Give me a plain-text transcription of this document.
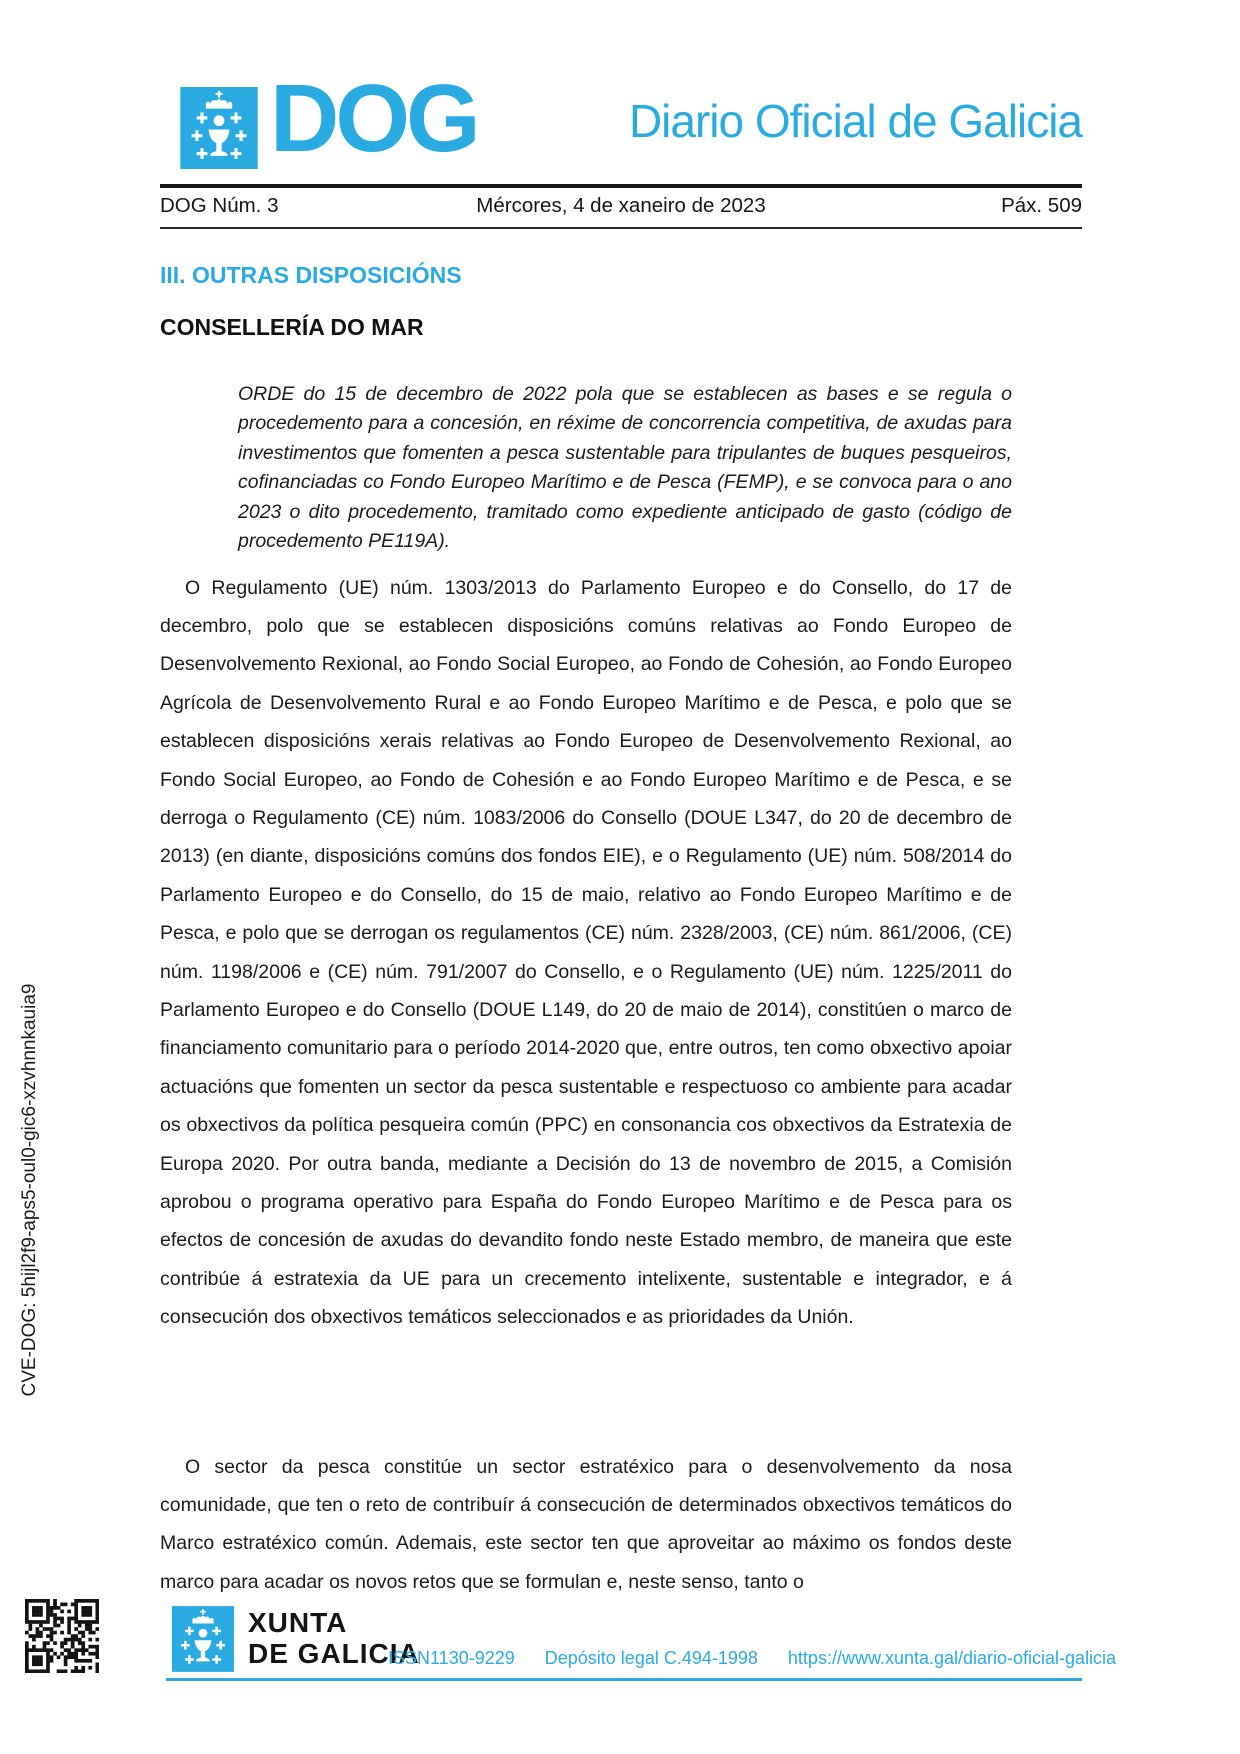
CVE-DOG: 5hijl2f9-aps5-oul0-gic6-xzvhnnkauia9
DOG	Diario Oficial de Galicia
DOG Núm. 3	Mércores, 4 de xaneiro de 2023	Páx. 509
III. OUTRAS DISPOSICIÓNS
CONSELLERÍA DO MAR

ORDE do 15 de decembro de 2022 pola que se establecen as bases e se regula o procedemento para a concesión, en réxime de concorrencia competitiva, de axudas para investimentos que fomenten a pesca sustentable para tripulantes de buques pesqueiros, cofinanciadas co Fondo Europeo Marítimo e de Pesca (FEMP), e se convoca para o ano 2023 o dito procedemento, tramitado como expediente anticipado de gasto (código de procedemento PE119A).

O Regulamento (UE) núm. 1303/2013 do Parlamento Europeo e do Consello, do 17 de decembro, polo que se establecen disposicións comúns relativas ao Fondo Europeo de Desenvolvemento Rexional, ao Fondo Social Europeo, ao Fondo de Cohesión, ao Fondo Europeo Agrícola de Desenvolvemento Rural e ao Fondo Europeo Marítimo e de Pesca, e polo que se establecen disposicións xerais relativas ao Fondo Europeo de Desenvolvemento Rexional, ao Fondo Social Europeo, ao Fondo de Cohesión e ao Fondo Europeo Marítimo e de Pesca, e se derroga o Regulamento (CE) núm. 1083/2006 do Consello (DOUE L347, do 20 de decembro de 2013) (en diante, disposicións comúns dos fondos EIE), e o Regulamento (UE) núm. 508/2014 do Parlamento Europeo e do Consello, do 15 de maio, relativo ao Fondo Europeo Marítimo e de Pesca, e polo que se derrogan os regulamentos (CE) núm. 2328/2003, (CE) núm. 861/2006, (CE) núm. 1198/2006 e (CE) núm. 791/2007 do Consello, e o Regulamento (UE) núm. 1225/2011 do Parlamento Europeo e do Consello (DOUE L149, do 20 de maio de 2014), constitúen o marco de financiamento comunitario para o período 2014-2020 que, entre outros, ten como obxectivo apoiar actuacións que fomenten un sector da pesca sustentable e respectuoso co ambiente para acadar os obxectivos da política pesqueira común (PPC) en consonancia cos obxectivos da Estratexia de Europa 2020. Por outra banda, mediante a Decisión do 13 de novembro de 2015, a Comisión aprobou o programa operativo para España do Fondo Europeo Marítimo e de Pesca para os efectos de concesión de axudas do devandito fondo neste Estado membro, de maneira que este contribúe á estratexia da UE para un crecemento intelixente, sustentable e integrador, e á consecución dos obxectivos temáticos seleccionados e as prioridades da Unión.

O sector da pesca constitúe un sector estratéxico para o desenvolvemento da nosa comunidade, que ten o reto de contribuír á consecución de determinados obxectivos temáticos do Marco estratéxico común. Ademais, este sector ten que aproveitar ao máximo os fondos deste marco para acadar os novos retos que se formulan e, neste senso, tanto o

XUNTA
DE GALICIA
ISSN1130-9229 Depósito legal C.494-1998 https://www.xunta.gal/diario-oficial-galicia
